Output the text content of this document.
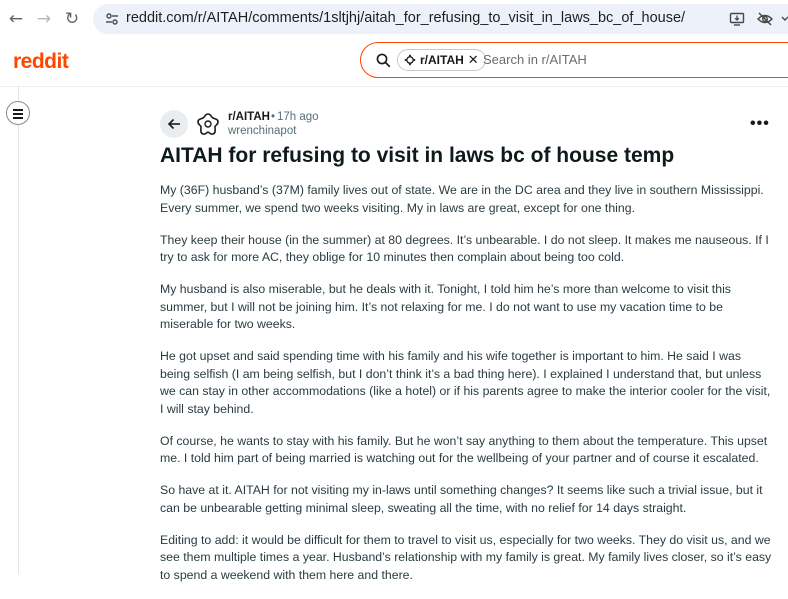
← → ↻	reddit.com/r/AITAH/comments/1sltjhj/aitah_for_refusing_to_visit_in_laws_bc_of_house/
reddit	r/AITAH ✕ Search in r/AITAH
r/AITAH • 17h ago
wrenchinapot	•••
AITAH for refusing to visit in laws bc of house temp

My (36F) husband’s (37M) family lives out of state. We are in the DC area and they live in southern Mississippi. Every summer, we spend two weeks visiting. My in laws are great, except for one thing.

They keep their house (in the summer) at 80 degrees. It’s unbearable. I do not sleep. It makes me nauseous. If I try to ask for more AC, they oblige for 10 minutes then complain about being too cold.

My husband is also miserable, but he deals with it. Tonight, I told him he’s more than welcome to visit this summer, but I will not be joining him. It’s not relaxing for me. I do not want to use my vacation time to be miserable for two weeks.

He got upset and said spending time with his family and his wife together is important to him. He said I was being selfish (I am being selfish, but I don’t think it’s a bad thing here). I explained I understand that, but unless we can stay in other accommodations (like a hotel) or if his parents agree to make the interior cooler for the visit, I will stay behind.

Of course, he wants to stay with his family. But he won’t say anything to them about the temperature. This upset me. I told him part of being married is watching out for the wellbeing of your partner and of course it escalated.

So have at it. AITAH for not visiting my in-laws until something changes? It seems like such a trivial issue, but it can be unbearable getting minimal sleep, sweating all the time, with no relief for 14 days straight.

Editing to add: it would be difficult for them to travel to visit us, especially for two weeks. They do visit us, and we see them multiple times a year. Husband’s relationship with my family is great. My family lives closer, so it’s easy to spend a weekend with them here and there.
